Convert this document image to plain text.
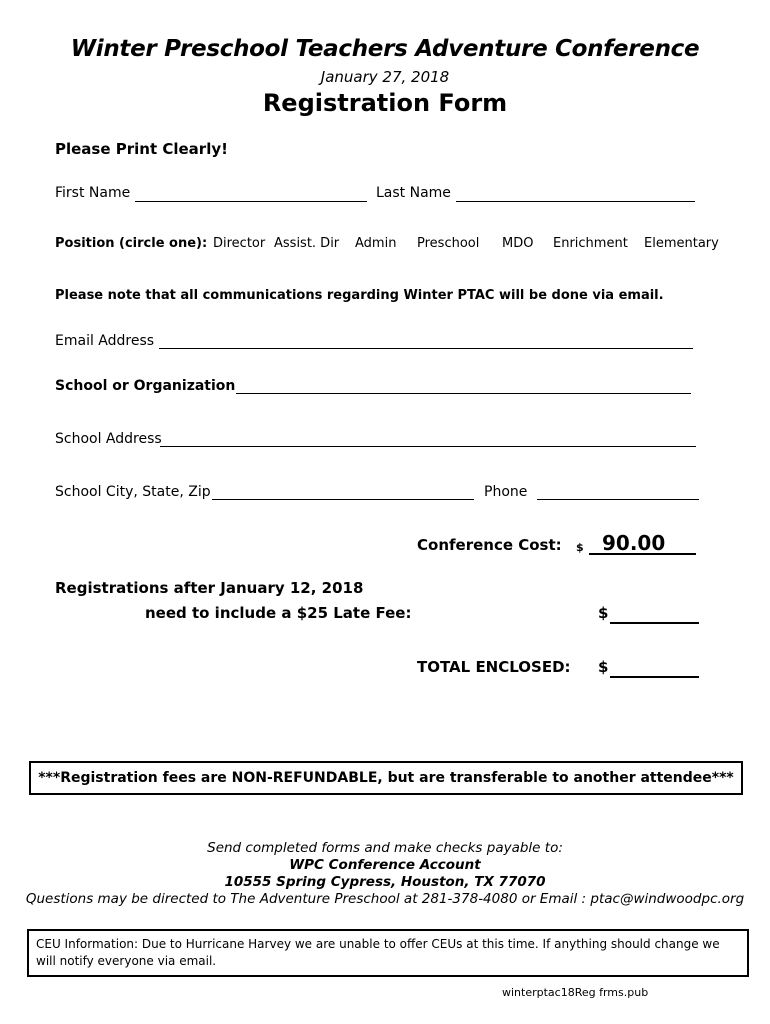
Winter Preschool Teachers Adventure Conference
January 27, 2018
Registration Form
Please Print Clearly!
First Name	Last Name
Position (circle one): Director Assist. Dir Admin Preschool MDO Enrichment Elementary
Please note that all communications regarding Winter PTAC will be done via email.
Email Address
School or Organization
School Address
School City, State, Zip	Phone
Conference Cost: $ 90.00
Registrations after January 12, 2018
need to include a $25 Late Fee:	$
TOTAL ENCLOSED: $
***Registration fees are NON-REFUNDABLE, but are transferable to another attendee***
Send completed forms and make checks payable to:
WPC Conference Account
10555 Spring Cypress, Houston, TX 77070
Questions may be directed to The Adventure Preschool at 281-378-4080 or Email : ptac@windwoodpc.org
CEU Information: Due to Hurricane Harvey we are unable to offer CEUs at this time. If anything should change we will notify everyone via email.
winterptac18Reg frms.pub
